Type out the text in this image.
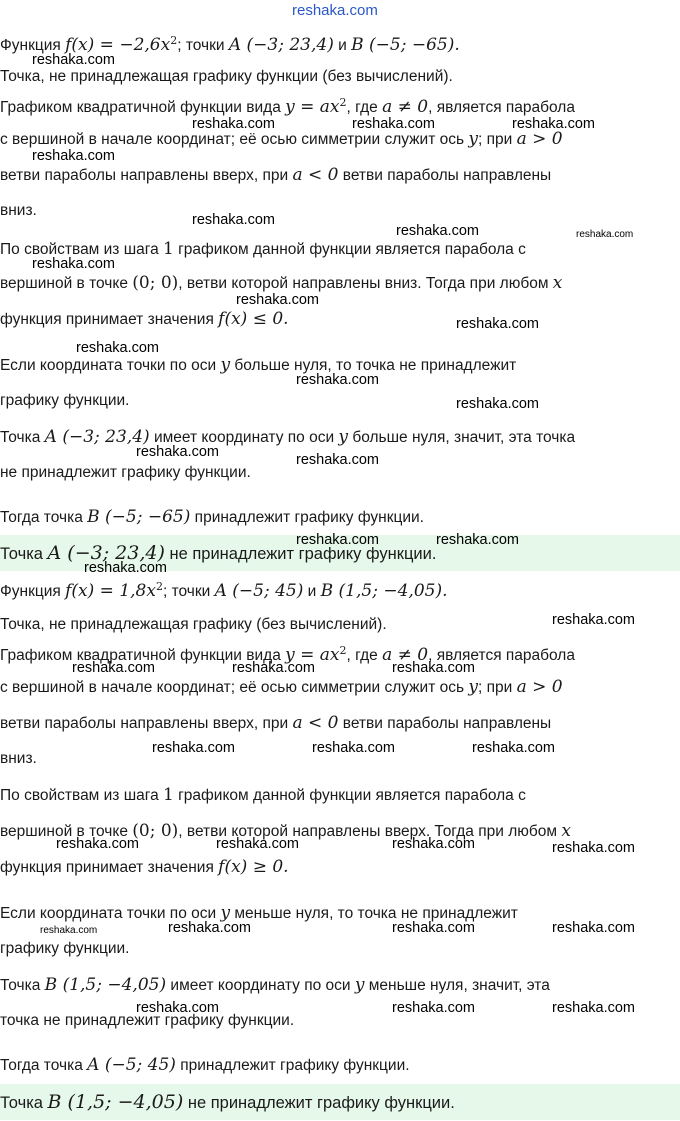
reshaka.com
Функция $f(x) = -2,6x^2$; точки A (−3; 23,4) и B (−5; −65).
Точка, не принадлежащая графику функции (без вычислений).
Графиком квадратичной функции вида $y = ax^2$, где a ≠ 0, является парабола
с вершиной в начале координат; её осью симметрии служит ось y; при a > 0
ветви параболы направлены вверх, при a < 0 ветви параболы направлены
вниз.
По свойствам из шага 1 графиком данной функции является парабола с
вершиной в точке (0; 0), ветви которой направлены вниз. Тогда при любом x
функция принимает значения f(x) ≤ 0.
Если координата точки по оси y больше нуля, то точка не принадлежит
графику функции.
Точка A (−3; 23,4) имеет координату по оси y больше нуля, значит, эта точка
не принадлежит графику функции.
Тогда точка B (−5; −65) принадлежит графику функции.
Точка A (−3; 23,4) не принадлежит графику функции.
Функция $f(x) = 1,8x^2$; точки A (−5; 45) и B (1,5; −4,05).
Точка, не принадлежащая графику (без вычислений).
Графиком квадратичной функции вида $y = ax^2$, где a ≠ 0, является парабола
с вершиной в начале координат; её осью симметрии служит ось y; при a > 0
ветви параболы направлены вверх, при a < 0 ветви параболы направлены
вниз.
По свойствам из шага 1 графиком данной функции является парабола с
вершиной в точке (0; 0), ветви которой направлены вверх. Тогда при любом x
функция принимает значения f(x) ≥ 0.
Если координата точки по оси y меньше нуля, то точка не принадлежит
графику функции.
Точка B (1,5; −4,05) имеет координату по оси y меньше нуля, значит, эта
точка не принадлежит графику функции.
Тогда точка A (−5; 45) принадлежит графику функции.
Точка B (1,5; −4,05) не принадлежит графику функции.
reshaka.com
reshaka.com	reshaka.com	reshaka.com
reshaka.com
reshaka.com
reshaka.com	reshaka.com
reshaka.com
reshaka.com
reshaka.com
reshaka.com
reshaka.com
reshaka.com
reshaka.com	reshaka.com
reshaka.com	reshaka.com
reshaka.com
reshaka.com
reshaka.com	reshaka.com	reshaka.com
reshaka.com	reshaka.com	reshaka.com
reshaka.com	reshaka.com	reshaka.com	reshaka.com
reshaka.com	reshaka.com	reshaka.com	reshaka.com
reshaka.com	reshaka.com	reshaka.com
